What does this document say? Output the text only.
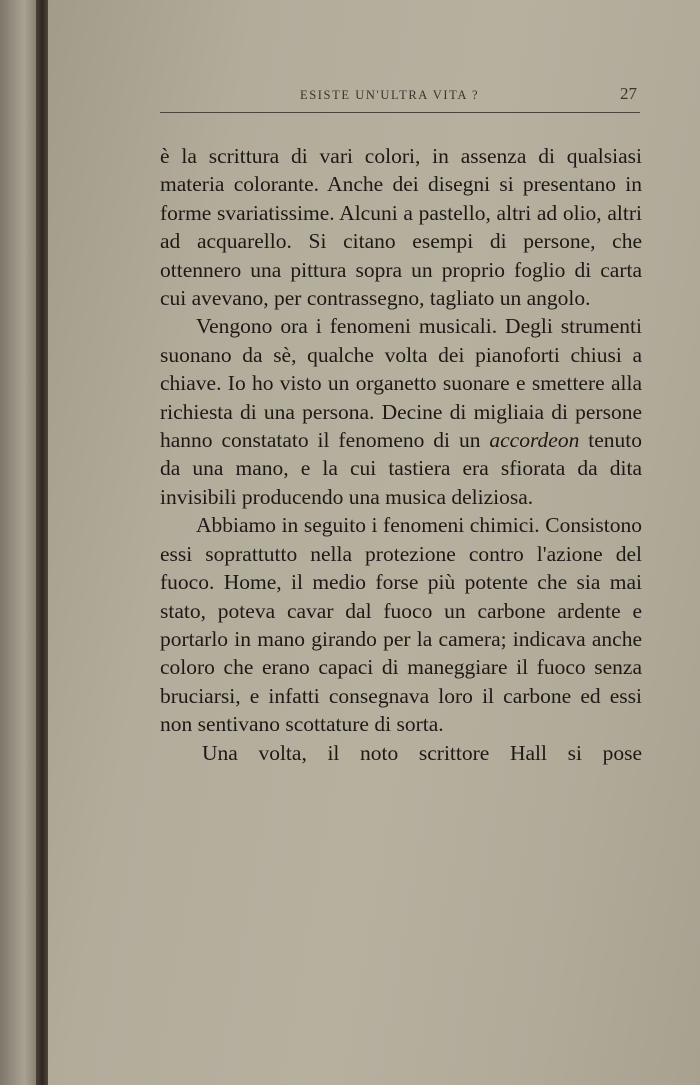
ESISTE UN'ULTRA VITA ?	27

è la scrittura di vari colori, in assenza di qualsiasi materia colorante. Anche dei disegni si presentano in forme svariatissime. Alcuni a pastello, altri ad olio, altri ad acquarello. Si citano esempi di persone, che ottennero una pittura sopra un proprio foglio di carta cui avevano, per contrassegno, tagliato un angolo.

Vengono ora i fenomeni musicali. Degli strumenti suonano da sè, qualche volta dei pianoforti chiusi a chiave. Io ho visto un organetto suonare e smettere alla richiesta di una persona. Decine di migliaia di persone hanno constatato il fenomeno di un accordeon tenuto da una mano, e la cui tastiera era sfiorata da dita invisibili producendo una musica deliziosa.

Abbiamo in seguito i fenomeni chimici. Consistono essi soprattutto nella protezione contro l'azione del fuoco. Home, il medio forse più potente che sia mai stato, poteva cavar dal fuoco un carbone ardente e portarlo in mano girando per la camera; indicava anche coloro che erano capaci di maneggiare il fuoco senza bruciarsi, e infatti consegnava loro il carbone ed essi non sentivano scottature di sorta.

Una volta, il noto scrittore Hall si pose
